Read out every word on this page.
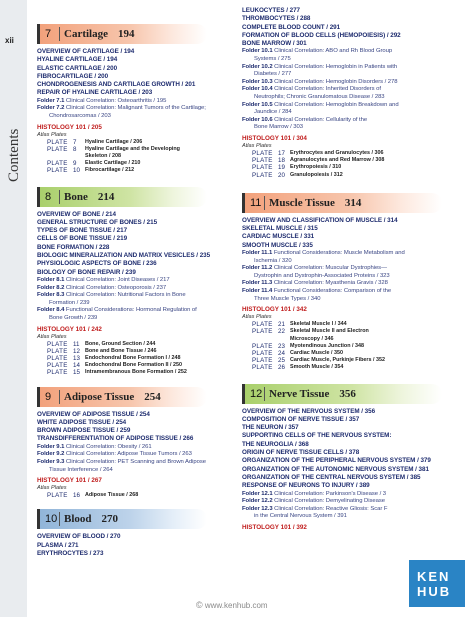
xii
Contents
7	Cartilage 194
OVERVIEW OF CARTILAGE / 194
HYALINE CARTILAGE / 194
ELASTIC CARTILAGE / 200
FIBROCARTILAGE / 200
CHONDROGENESIS AND CARTILAGE GROWTH / 201
REPAIR OF HYALINE CARTILAGE / 203
Folder 7.1 Clinical Correlation: Osteoarthritis / 195
Folder 7.2 Clinical Correlation: Malignant Tumors of the Cartilage;
Chondrosarcomas / 203
HISTOLOGY 101 / 205
Atlas Plates
PLATE 7	Hyaline Cartilage / 206
PLATE 8	Hyaline Cartilage and the Developing
Skeleton / 208
PLATE 9	Elastic Cartilage / 210
PLATE 10 Fibrocartilage / 212
8	Bone 214
OVERVIEW OF BONE / 214
GENERAL STRUCTURE OF BONES / 215
TYPES OF BONE TISSUE / 217
CELLS OF BONE TISSUE / 219
BONE FORMATION / 228
BIOLOGIC MINERALIZATION AND MATRIX VESICLES / 235
PHYSIOLOGIC ASPECTS OF BONE / 236
BIOLOGY OF BONE REPAIR / 239
Folder 8.1 Clinical Correlation: Joint Diseases / 217
Folder 8.2 Clinical Correlation: Osteoporosis / 237
Folder 8.3 Clinical Correlation: Nutritional Factors in Bone
Formation / 239
Folder 8.4 Functional Considerations: Hormonal Regulation of
Bone Growth / 239
HISTOLOGY 101 / 242
Atlas Plates
PLATE 11	Bone, Ground Section / 244
PLATE 12 Bone and Bone Tissue / 246
PLATE 13 Endochondral Bone Formation I / 248
PLATE 14 Endochondral Bone Formation II / 250
PLATE 15 Intramembranous Bone Formation / 252
9	Adipose Tissue 254
OVERVIEW OF ADIPOSE TISSUE / 254
WHITE ADIPOSE TISSUE / 254
BROWN ADIPOSE TISSUE / 259
TRANSDIFFERENTIATION OF ADIPOSE TISSUE / 266
Folder 9.1 Clinical Correlation: Obesity / 261
Folder 9.2 Clinical Correlation: Adipose Tissue Tumors / 263
Folder 9.3 Clinical Correlation: PET Scanning and Brown Adipose
Tissue Interference / 264
HISTOLOGY 101 / 267
Atlas Plates
PLATE 16 Adipose Tissue / 268
10 Blood 270
OVERVIEW OF BLOOD / 270
PLASMA / 271
ERYTHROCYTES / 273
LEUKOCYTES / 277
THROMBOCYTES / 288
COMPLETE BLOOD COUNT / 291
FORMATION OF BLOOD CELLS (HEMOPOIESIS) / 292
BONE MARROW / 301
Folder 10.1 Clinical Correlation: ABO and Rh Blood Group
Systems / 275
Folder 10.2 Clinical Correlation: Hemoglobin in Patients with
Diabetes / 277
Folder 10.3 Clinical Correlation: Hemoglobin Disorders / 278
Folder 10.4 Clinical Correlation: Inherited Disorders of
Neutrophils; Chronic Granulomatous Disease / 283
Folder 10.5 Clinical Correlation: Hemoglobin Breakdown and
Jaundice / 284
Folder 10.6 Clinical Correlation: Cellularity of the
Bone Marrow / 303
HISTOLOGY 101 / 304
Atlas Plates
PLATE 17 Erythrocytes and Granulocytes / 306
PLATE 18 Agranulocytes and Red Marrow / 308
PLATE 19 Erythropoiesis / 310
PLATE 20 Granulopoiesis / 312
11 Muscle Tissue 314
OVERVIEW AND CLASSIFICATION OF MUSCLE / 314
SKELETAL MUSCLE / 315
CARDIAC MUSCLE / 331
SMOOTH MUSCLE / 335
Folder 11.1 Functional Considerations: Muscle Metabolism and
Ischemia / 320
Folder 11.2 Clinical Correlation: Muscular Dystrophies—
Dystrophin and Dystrophin-Associated Proteins / 323
Folder 11.3 Clinical Correlation: Myasthenia Gravis / 328
Folder 11.4 Functional Considerations: Comparison of the
Three Muscle Types / 340
HISTOLOGY 101 / 342
Atlas Plates
PLATE 21 Skeletal Muscle I / 344
PLATE 22 Skeletal Muscle II and Electron
Microscopy / 346
PLATE 23 Myotendinous Junction / 348
PLATE 24 Cardiac Muscle / 350
PLATE 25 Cardiac Muscle, Purkinje Fibers / 352
PLATE 26 Smooth Muscle / 354
12 Nerve Tissue 356
OVERVIEW OF THE NERVOUS SYSTEM / 356
COMPOSITION OF NERVE TISSUE / 357
THE NEURON / 357
SUPPORTING CELLS OF THE NERVOUS SYSTEM:
THE NEUROGLIA / 368
ORIGIN OF NERVE TISSUE CELLS / 378
ORGANIZATION OF THE PERIPHERAL NERVOUS SYSTEM / 379
ORGANIZATION OF THE AUTONOMIC NERVOUS SYSTEM / 381
ORGANIZATION OF THE CENTRAL NERVOUS SYSTEM / 385
RESPONSE OF NEURONS TO INJURY / 389
Folder 12.1 Clinical Correlation: Parkinson's Disease / 3
Folder 12.2 Clinical Correlation: Demyelinating Disease
Folder 12.3 Clinical Correlation: Reactive Gliosis: Scar F
in the Central Nervous System / 391
HISTOLOGY 101 / 392
© www.kenhub.com
KEN
HUB
